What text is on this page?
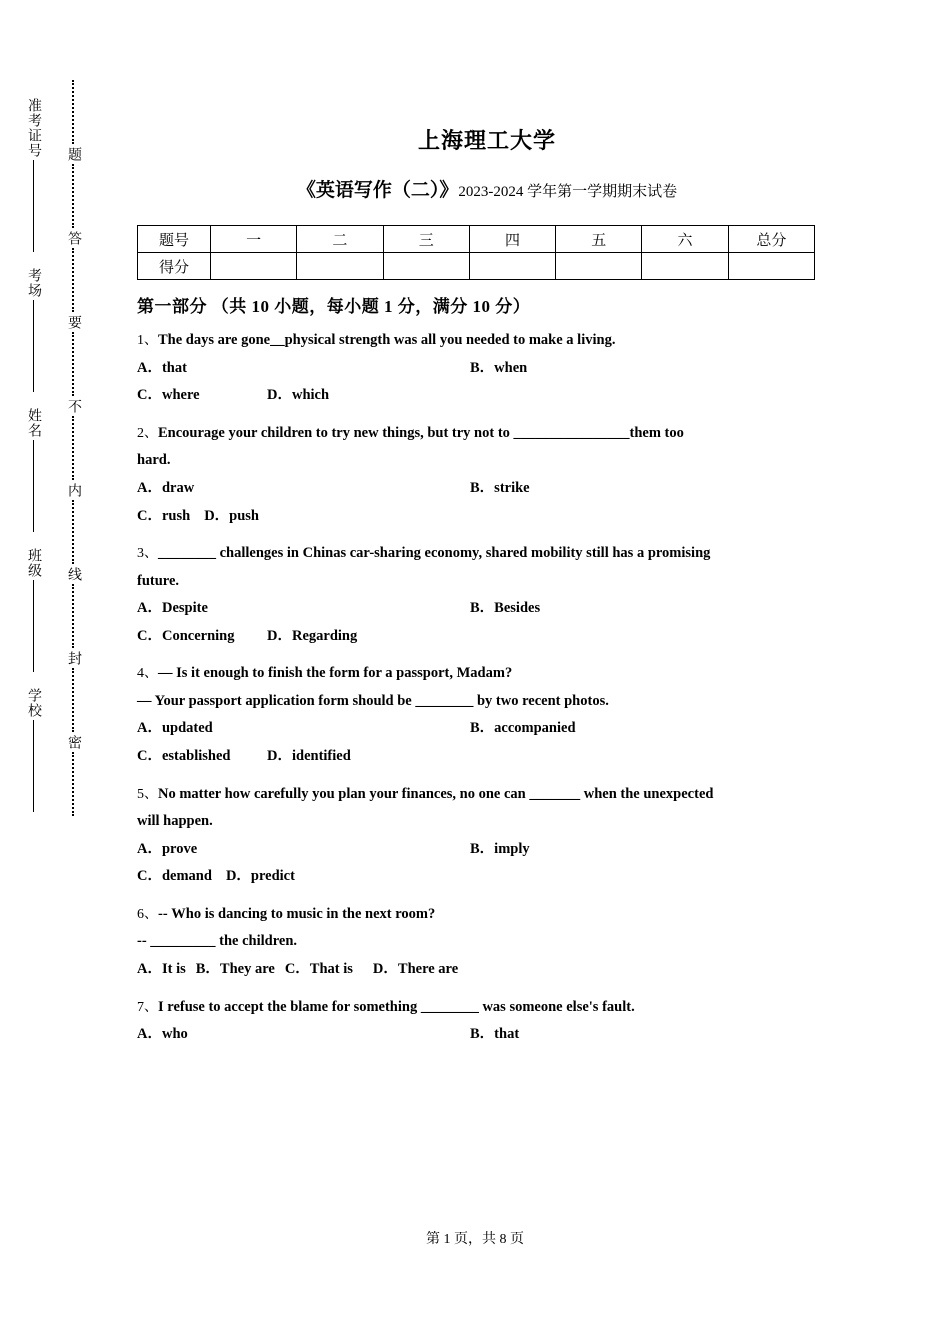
准考证号
考场
姓名
班级
学校
题
答
要
不
内
线
封
密
上海理工大学
《英语写作（二）》2023-2024 学年第一学期期末试卷
题号	一	二	三	四	五	六	总分
得分							
第一部分 （共 10 小题，每小题 1 分，满分 10 分）
1、The days are gone__physical strength was all you needed to make a living.
A．that	B．when
C．where	D．which
2、Encourage your children to try new things, but try not to ________________them too
hard.
A．draw	B．strike
C．rush D．push
3、________ challenges in Chinas car-sharing economy, shared mobility still has a promising
future.
A．Despite	B．Besides
C．Concerning	D．Regarding
4、— Is it enough to finish the form for a passport, Madam?
— Your passport application form should be ________ by two recent photos.
A．updated	B．accompanied
C．established	D．identified
5、No matter how carefully you plan your finances, no one can _______ when the unexpected
will happen.
A．prove	B．imply
C．demand D．predict
6、-- Who is dancing to music in the next room?
-- _________ the children.
A．It is B．They are C．That is D．There are
7、I refuse to accept the blame for something ________ was someone else's fault.
A．who	B．that
第 1 页，共 8 页
